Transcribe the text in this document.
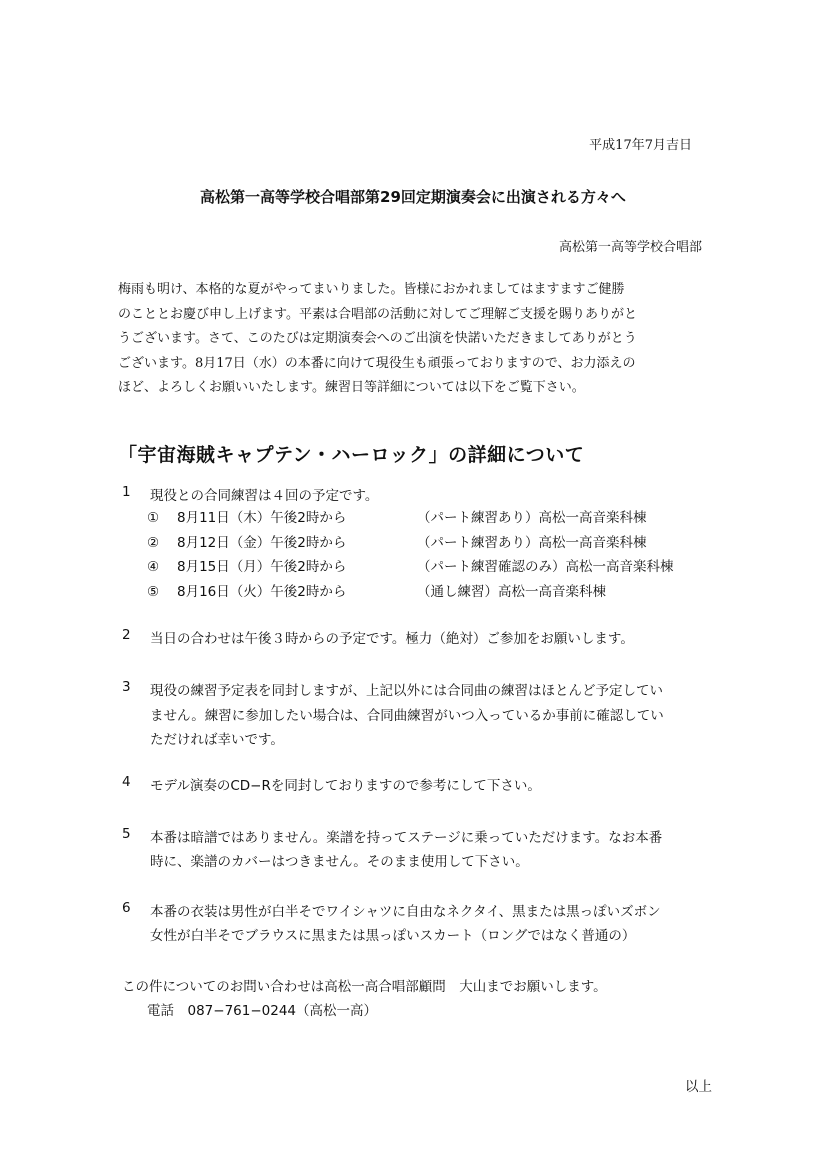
平成17年7月吉日
高松第一高等学校合唱部第29回定期演奏会に出演される方々へ
高松第一高等学校合唱部
梅雨も明け、本格的な夏がやってまいりました。皆様におかれましてはますますご健勝
のこととお慶び申し上げます。平素は合唱部の活動に対してご理解ご支援を賜りありがと
うございます。さて、このたびは定期演奏会へのご出演を快諾いただきましてありがとう
ございます。8月17日（水）の本番に向けて現役生も頑張っておりますので、お力添えの
ほど、よろしくお願いいたします。練習日等詳細については以下をご覧下さい。
「宇宙海賊キャプテン・ハーロック」の詳細について
1 現役との合同練習は４回の予定です。
① 8月11日（木）午後2時から	（パート練習あり）高松一高音楽科棟
② 8月12日（金）午後2時から	（パート練習あり）高松一高音楽科棟
④ 8月15日（月）午後2時から	（パート練習確認のみ）高松一高音楽科棟
⑤ 8月16日（火）午後2時から	（通し練習）高松一高音楽科棟
2 当日の合わせは午後３時からの予定です。極力（絶対）ご参加をお願いします。
3 現役の練習予定表を同封しますが、上記以外には合同曲の練習はほとんど予定してい
ません。練習に参加したい場合は、合同曲練習がいつ入っているか事前に確認してい
ただければ幸いです。
4 モデル演奏のCD−Rを同封しておりますので参考にして下さい。
5 本番は暗譜ではありません。楽譜を持ってステージに乗っていただけます。なお本番
時に、楽譜のカバーはつきません。そのまま使用して下さい。
6 本番の衣装は男性が白半そでワイシャツに自由なネクタイ、黒または黒っぽいズボン
女性が白半そでブラウスに黒または黒っぽいスカート（ロングではなく普通の）
この件についてのお問い合わせは高松一高合唱部顧問　大山までお願いします。
電話　087−761−0244（高松一高）
以上
